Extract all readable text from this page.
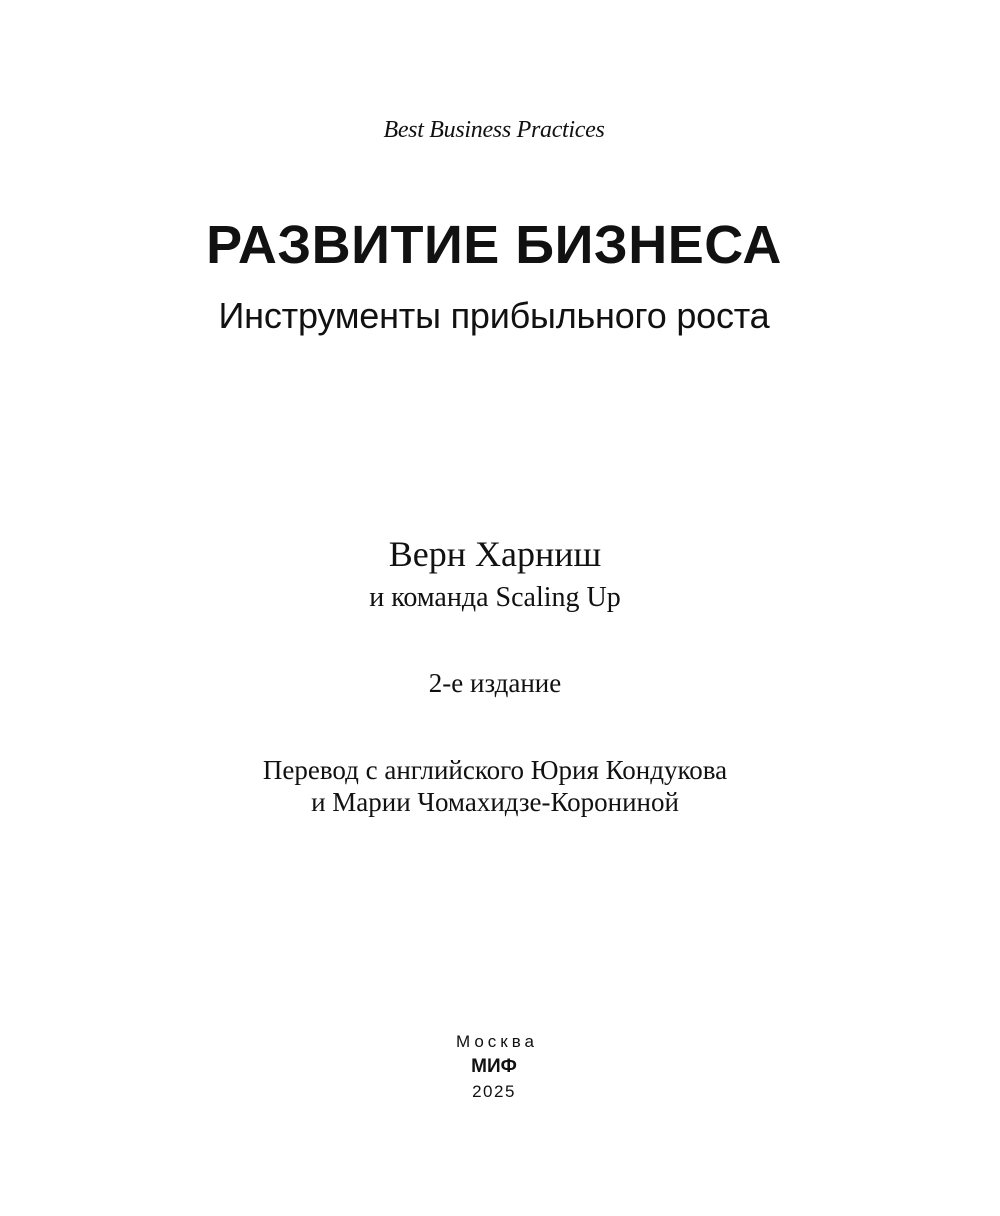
Best Business Practices
РАЗВИТИЕ БИЗНЕСА
Инструменты прибыльного роста
Верн Харниш
и команда Scaling Up
2-е издание
Перевод с английского Юрия Кондукова
и Марии Чомахидзе-Корониной
Москва
МИФ
2025
